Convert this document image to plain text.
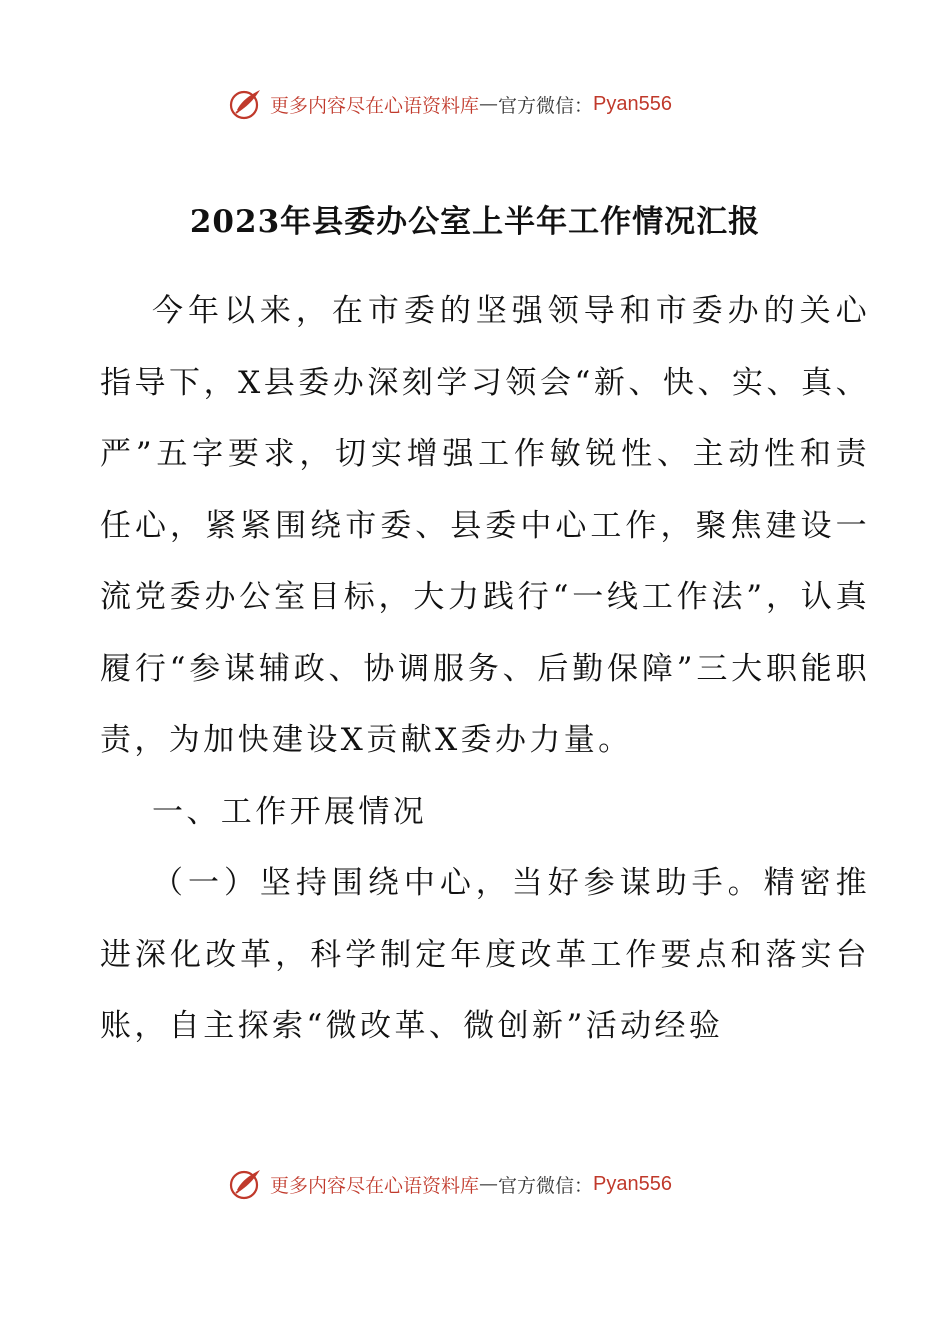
更多内容尽在心语资料库 — 官方微信： Pyan556
2023年县委办公室上半年工作情况汇报

今年以来，在市委的坚强领导和市委办的关心指导下，X县委办深刻学习领会“新、快、实、真、严”五字要求，切实增强工作敏锐性、主动性和责任心，紧紧围绕市委、县委中心工作，聚焦建设一流党委办公室目标，大力践行“一线工作法”，认真履行“参谋辅政、协调服务、后勤保障”三大职能职责，为加快建设X贡献X委办力量。

一、工作开展情况

（一）坚持围绕中心，当好参谋助手。精密推进深化改革，科学制定年度改革工作要点和落实台账，自主探索“微改革、微创新”活动经验

更多内容尽在心语资料库 — 官方微信： Pyan556
